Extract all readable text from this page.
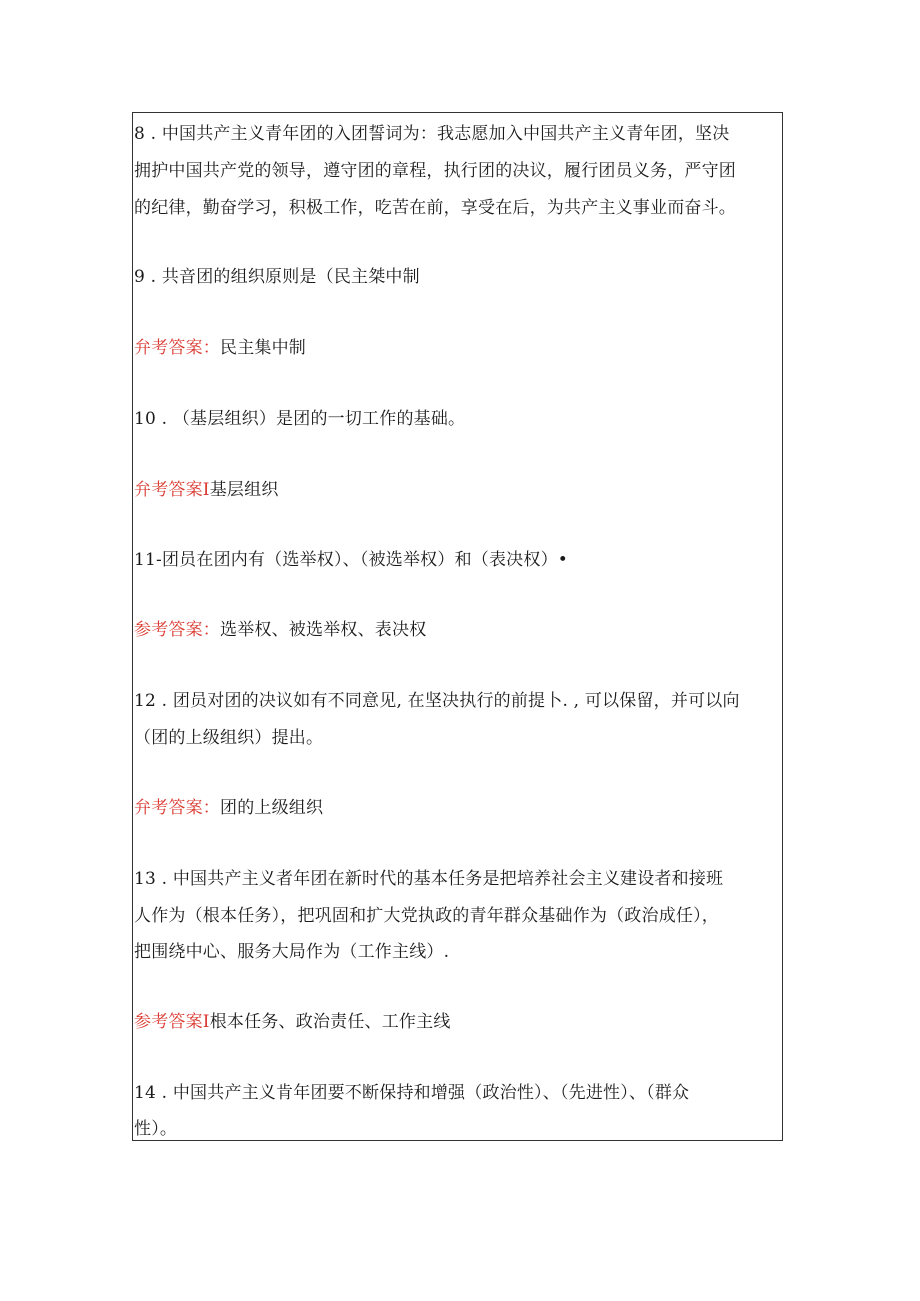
8 . 中国共产主义青年团的入团誓词为：我志愿加入中国共产主义青年团，坚决
拥护中国共产党的领导，遵守团的章程，执行团的决议，履行团员义务，严守团
的纪律，勤奋学习，积极工作，吃苦在前，享受在后，为共产主义事业而奋斗。
9 . 共音团的组织原则是（民主桀中制
弁考答案：民主集中制
10 . （基层组织）是团的一切工作的基础。
弁考答案I基层组织
11-团员在团内有（选举权）、（被选举权）和（表决权）•
参考答案：选举权、被选举权、表决权
12 . 团员对团的决议如有不同意见, 在坚决执行的前提卜. , 可以保留，并可以向
（团的上级组织）提出。
弁考答案：团的上级组织
13 . 中国共产主义者年团在新时代的基本任务是把培养社会主义建设者和接班
人作为（根本任务），把巩固和扩大党执政的青年群众基础作为（政治成任），
把围绕中心、服务大局作为（工作主线）.
参考答案I根本任务、政治责任、工作主线
14 . 中国共产主义肯年团要不断保持和增强（政治性）、（先进性）、（群众
性）。
